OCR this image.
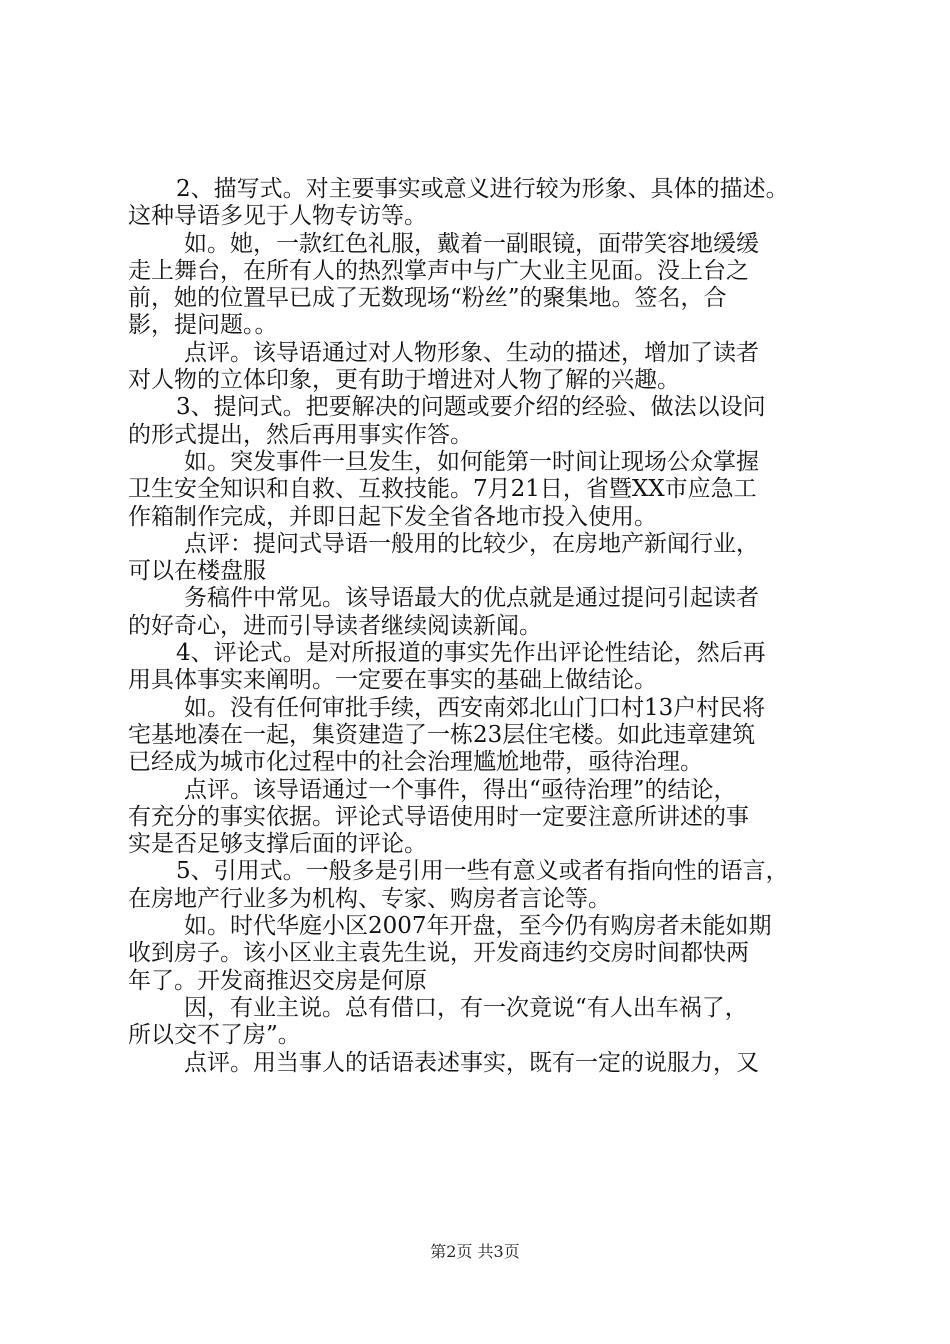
2、描写式。对主要事实或意义进行较为形象、具体的描述。
这种导语多见于人物专访等。
如。她，一款红色礼服，戴着一副眼镜，面带笑容地缓缓
走上舞台，在所有人的热烈掌声中与广大业主见面。没上台之
前，她的位置早已成了无数现场“粉丝”的聚集地。签名，合
影，提问题。。
点评。该导语通过对人物形象、生动的描述，增加了读者
对人物的立体印象，更有助于增进对人物了解的兴趣。
3、提问式。把要解决的问题或要介绍的经验、做法以设问
的形式提出，然后再用事实作答。
如。突发事件一旦发生，如何能第一时间让现场公众掌握
卫生安全知识和自救、互救技能。7月21日，省暨XX市应急工
作箱制作完成，并即日起下发全省各地市投入使用。
点评：提问式导语一般用的比较少，在房地产新闻行业，
可以在楼盘服
务稿件中常见。该导语最大的优点就是通过提问引起读者
的好奇心，进而引导读者继续阅读新闻。
4、评论式。是对所报道的事实先作出评论性结论，然后再
用具体事实来阐明。一定要在事实的基础上做结论。
如。没有任何审批手续，西安南郊北山门口村13户村民将
宅基地凑在一起，集资建造了一栋23层住宅楼。如此违章建筑
已经成为城市化过程中的社会治理尴尬地带，亟待治理。
点评。该导语通过一个事件，得出“亟待治理”的结论，
有充分的事实依据。评论式导语使用时一定要注意所讲述的事
实是否足够支撑后面的评论。
5、引用式。一般多是引用一些有意义或者有指向性的语言，
在房地产行业多为机构、专家、购房者言论等。
如。时代华庭小区2007年开盘，至今仍有购房者未能如期
收到房子。该小区业主袁先生说，开发商违约交房时间都快两
年了。开发商推迟交房是何原
因，有业主说。总有借口，有一次竟说“有人出车祸了，
所以交不了房”。
点评。用当事人的话语表述事实，既有一定的说服力，又
第2页 共3页
